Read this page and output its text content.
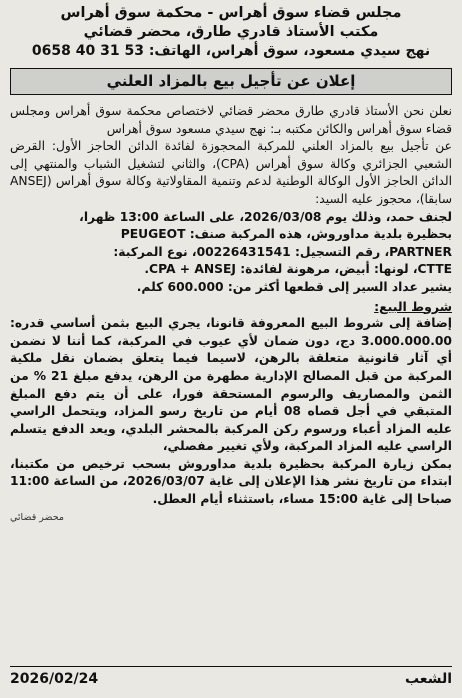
مجلس قضاء سوق أهراس - محكمة سوق أهراس
مكتب الأستاذ قادري طارق، محضر قضائي
نهج سيدي مسعود، سوق أهراس، الهاتف: 53 31 40 0658
إعلان عن تأجيل بيع بالمزاد العلني

نعلن نحن الأستاذ قادري طارق محضر قضائي لاختصاص محكمة سوق أهراس ومجلس قضاء سوق أهراس والكائن مكتبه بـ: نهج سيدي مسعود سوق أهراس

عن تأجيل بيع بالمزاد العلني للمركبة المحجوزة لفائدة الدائن الحاجز الأول: القرض الشعبي الجزائري وكالة سوق أهراس (CPA)، والثاني لتشغيل الشباب والمنتهي إلى الدائن الحاجز الأول الوكالة الوطنية لدعم وتنمية المقاولاتية وكالة سوق أهراس (ANSEJ سابقا)، محجوز عليه السيد:

لجنف حمد، وذلك يوم 2026/03/08، على الساعة 13:00 ظهرا،

بحظيرة بلدية مداوروش، هذه المركبة صنف: PEUGEOT

PARTNER، رقم التسجيل: 00226431541، نوع المركبة:

CTTE، لونها: أبيض، مرهونة لفائدة: CPA + ANSEJ.

يشير عداد السير إلى قطعها أكثر من: 600.000 كلم.

شروط البيع:

إضافة إلى شروط البيع المعروفة قانونا، يجري البيع بثمن أساسي قدره: 3.000.000.00 دج، دون ضمان لأي عيوب في المركبة، كما أننا لا نضمن أي آثار قانونية متعلقة بالرهن، لاسيما فيما يتعلق بضمان نقل ملكية المركبة من قبل المصالح الإدارية مطهرة من الرهن، يدفع مبلغ 21 % من الثمن والمصاريف والرسوم المستحقة فورا، على أن يتم دفع المبلغ المتبقي في أجل قصاه 08 أيام من تاريخ رسو المزاد، ويتحمل الراسي عليه المزاد أعباء ورسوم ركن المركبة بالمحشر البلدي، ويعد الدفع يتسلم الراسي عليه المزاد المركبة، ولأي تغيير مفصلي،

بمكن زيارة المركبة بحظيرة بلدية مداوروش بسحب ترخيص من مكتبنا، ابتداء من تاريخ نشر هذا الإعلان إلى غاية 2026/03/07، من الساعة 11:00 صباحا إلى غاية 15:00 مساء، باستثناء أيام العطل.

محضر قضائي
الشعب
2026/02/24
